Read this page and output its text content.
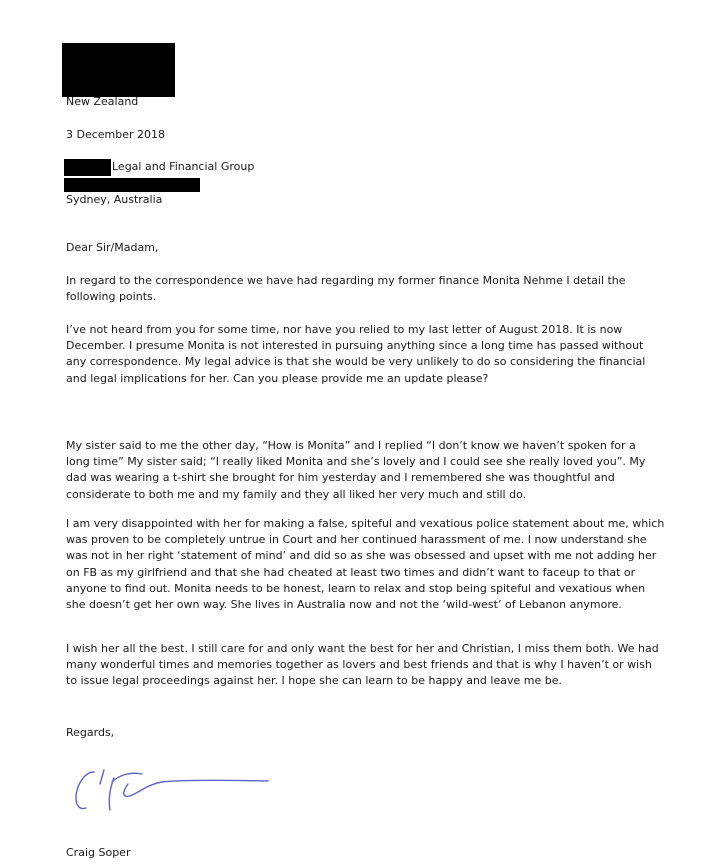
New Zealand
3 December 2018
Legal and Financial Group
Sydney, Australia
Dear Sir/Madam,
In regard to the correspondence we have had regarding my former finance Monita Nehme I detail the
following points.
I’ve not heard from you for some time, nor have you relied to my last letter of August 2018. It is now
December. I presume Monita is not interested in pursuing anything since a long time has passed without
any correspondence. My legal advice is that she would be very unlikely to do so considering the financial
and legal implications for her. Can you please provide me an update please?
My sister said to me the other day, “How is Monita” and I replied “I don’t know we haven’t spoken for a
long time” My sister said; “I really liked Monita and she’s lovely and I could see she really loved you”. My
dad was wearing a t-shirt she brought for him yesterday and I remembered she was thoughtful and
considerate to both me and my family and they all liked her very much and still do.
I am very disappointed with her for making a false, spiteful and vexatious police statement about me, which
was proven to be completely untrue in Court and her continued harassment of me. I now understand she
was not in her right ‘statement of mind’ and did so as she was obsessed and upset with me not adding her
on FB as my girlfriend and that she had cheated at least two times and didn’t want to faceup to that or
anyone to find out. Monita needs to be honest, learn to relax and stop being spiteful and vexatious when
she doesn’t get her own way. She lives in Australia now and not the ‘wild-west’ of Lebanon anymore.
I wish her all the best. I still care for and only want the best for her and Christian, I miss them both. We had
many wonderful times and memories together as lovers and best friends and that is why I haven’t or wish
to issue legal proceedings against her. I hope she can learn to be happy and leave me be.
Regards,
Craig Soper
